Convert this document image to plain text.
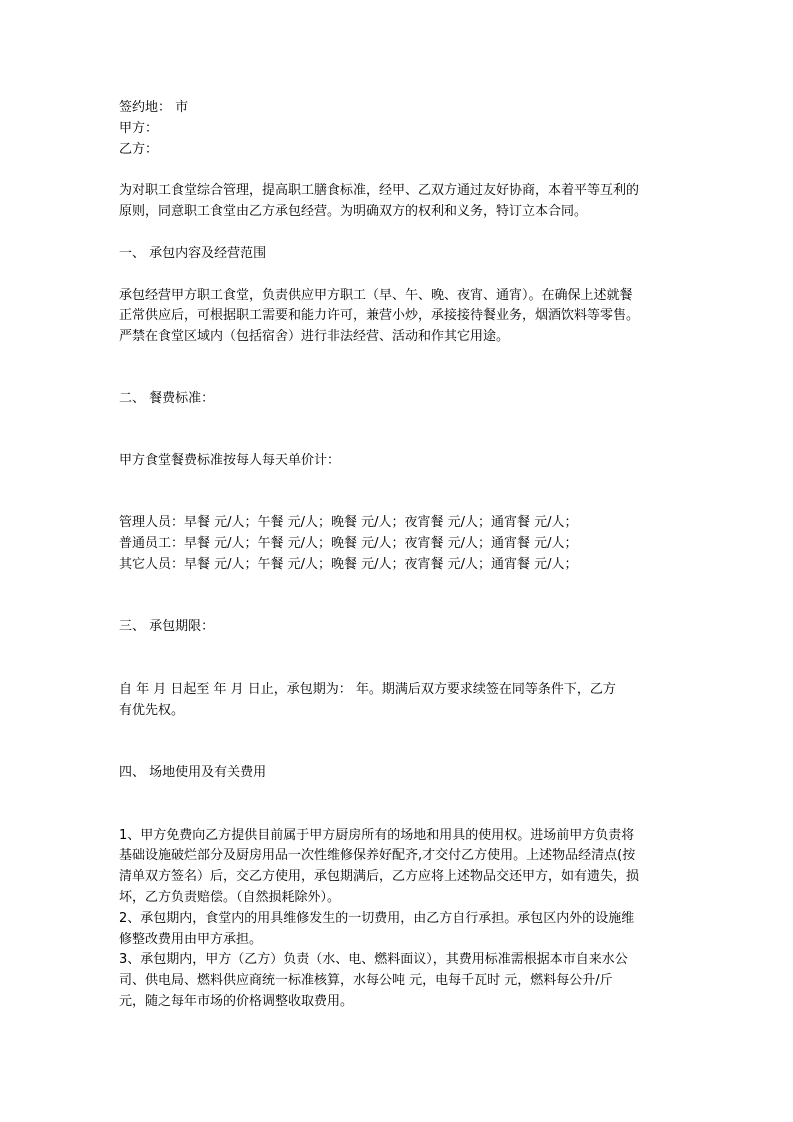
签约地： 市
甲方：
乙方：
为对职工食堂综合管理，提高职工膳食标准，经甲、乙双方通过友好协商，本着平等互利的
原则，同意职工食堂由乙方承包经营。为明确双方的权利和义务，特订立本合同。
一、 承包内容及经营范围
承包经营甲方职工食堂，负责供应甲方职工（早、午、晚、夜宵、通宵）。在确保上述就餐
正常供应后，可根据职工需要和能力许可，兼营小炒，承接接待餐业务，烟酒饮料等零售。
严禁在食堂区域内（包括宿舍）进行非法经营、活动和作其它用途。
二、 餐费标准：
甲方食堂餐费标准按每人每天单价计：
管理人员：早餐 元/人；午餐 元/人；晚餐 元/人；夜宵餐 元/人；通宵餐 元/人；
普通员工：早餐 元/人；午餐 元/人；晚餐 元/人；夜宵餐 元/人；通宵餐 元/人；
其它人员：早餐 元/人；午餐 元/人；晚餐 元/人；夜宵餐 元/人；通宵餐 元/人；
三、 承包期限：
自 年 月 日起至 年 月 日止，承包期为： 年。期满后双方要求续签在同等条件下，乙方
有优先权。
四、 场地使用及有关费用
1、甲方免费向乙方提供目前属于甲方厨房所有的场地和用具的使用权。进场前甲方负责将
基础设施破烂部分及厨房用品一次性维修保养好配齐,才交付乙方使用。上述物品经清点(按
清单双方签名）后，交乙方使用，承包期满后，乙方应将上述物品交还甲方，如有遗失，损
坏，乙方负责赔偿。（自然损耗除外）。
2、承包期内，食堂内的用具维修发生的一切费用，由乙方自行承担。承包区内外的设施维
修整改费用由甲方承担。
3、承包期内，甲方（乙方）负责（水、电、燃料面议），其费用标准需根据本市自来水公
司、供电局、燃料供应商统一标准核算，水每公吨 元，电每千瓦时 元，燃料每公升/斤
元，随之每年市场的价格调整收取费用。
